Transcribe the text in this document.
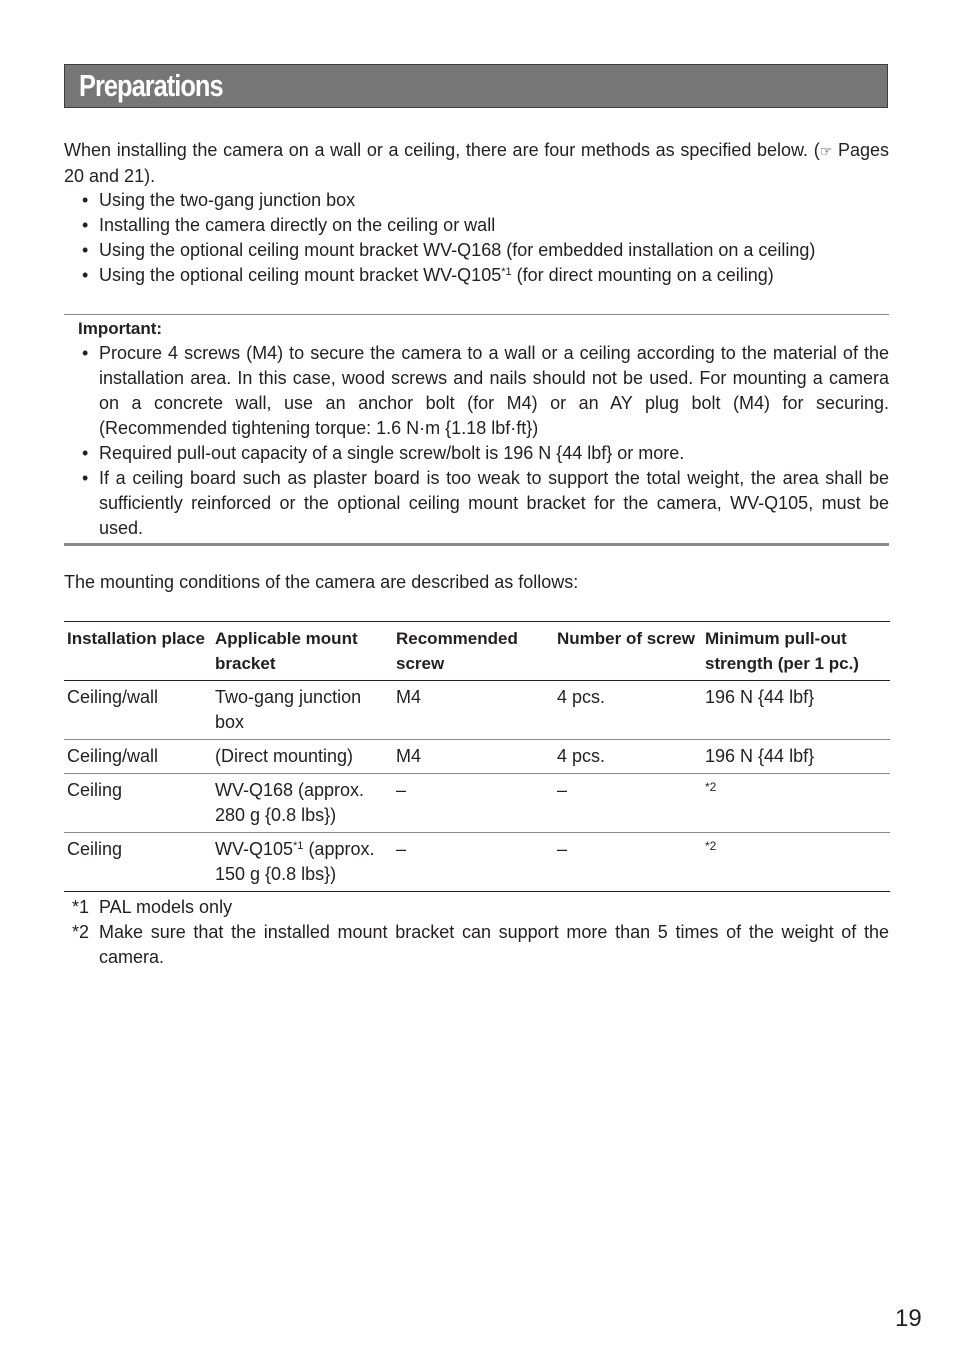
Preparations
When installing the camera on a wall or a ceiling, there are four methods as specified below. (☞ Pages 20 and 21).
• Using the two-gang junction box
• Installing the camera directly on the ceiling or wall
• Using the optional ceiling mount bracket WV-Q168 (for embedded installation on a ceiling)
• Using the optional ceiling mount bracket WV-Q105$^{*1}$ (for direct mounting on a ceiling)
Important:
• Procure 4 screws (M4) to secure the camera to a wall or a ceiling according to the material of the installation area. In this case, wood screws and nails should not be used. For mounting a camera on a concrete wall, use an anchor bolt (for M4) or an AY plug bolt (M4) for securing. (Recommended tightening torque: 1.6 N·m {1.18 lbf·ft})
• Required pull-out capacity of a single screw/bolt is 196 N {44 lbf} or more.
• If a ceiling board such as plaster board is too weak to support the total weight, the area shall be sufficiently reinforced or the optional ceiling mount bracket for the camera, WV-Q105, must be used.
The mounting conditions of the camera are described as follows:
Installation place	Applicable mount bracket	Recommended screw	Number of screw	Minimum pull-out strength (per 1 pc.)
Ceiling/wall	Two-gang junction box	M4	4 pcs.	196 N {44 lbf}
Ceiling/wall	(Direct mounting)	M4	4 pcs.	196 N {44 lbf}
Ceiling	WV-Q168 (approx. 280 g {0.8 lbs})	–	–	*2
Ceiling	WV-Q105$^{*1}$ (approx. 150 g {0.8 lbs})	–	–	*2
*1 PAL models only
*2 Make sure that the installed mount bracket can support more than 5 times of the weight of the camera.
19
